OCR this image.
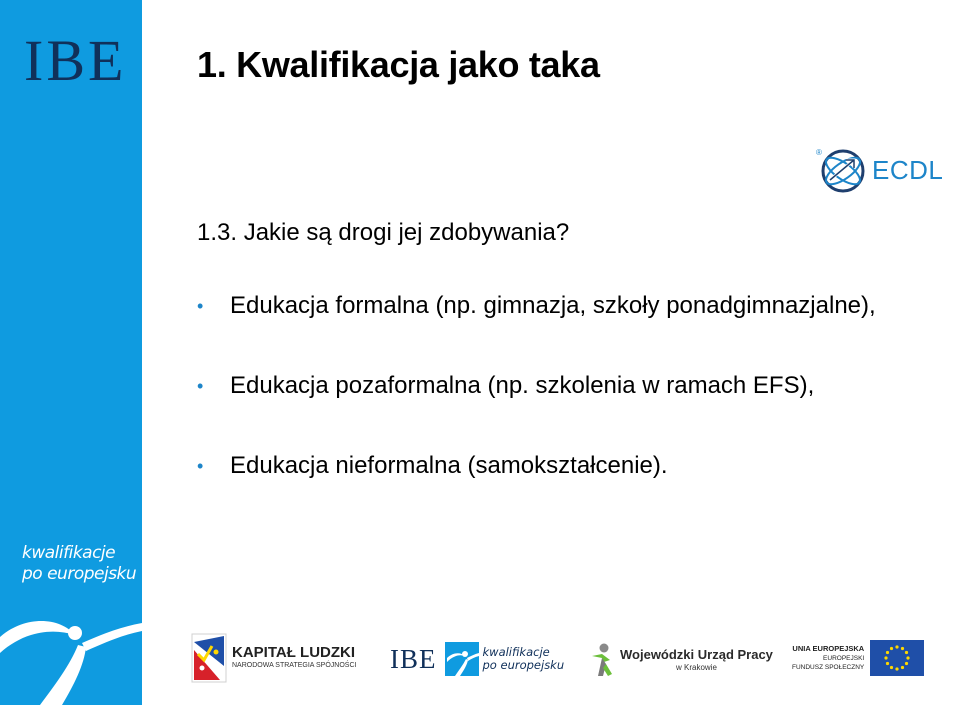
IBE
kwalifikacje
po europejsku
1. Kwalifikacja jako taka
®
ECDL
1.3. Jakie są drogi jej zdobywania?
• Edukacja formalna (np. gimnazja, szkoły ponadgimnazjalne),
• Edukacja pozaformalna (np. szkolenia w ramach EFS),
• Edukacja nieformalna (samokształcenie).
KAPITAŁ LUDZKI
NARODOWA STRATEGIA SPÓJNOŚCI IBE	kwalifikacje
po europejsku
Wojewódzki Urząd Pracy
w Krakowie
UNIA EUROPEJSKA
EUROPEJSKI
FUNDUSZ SPOŁECZNY
